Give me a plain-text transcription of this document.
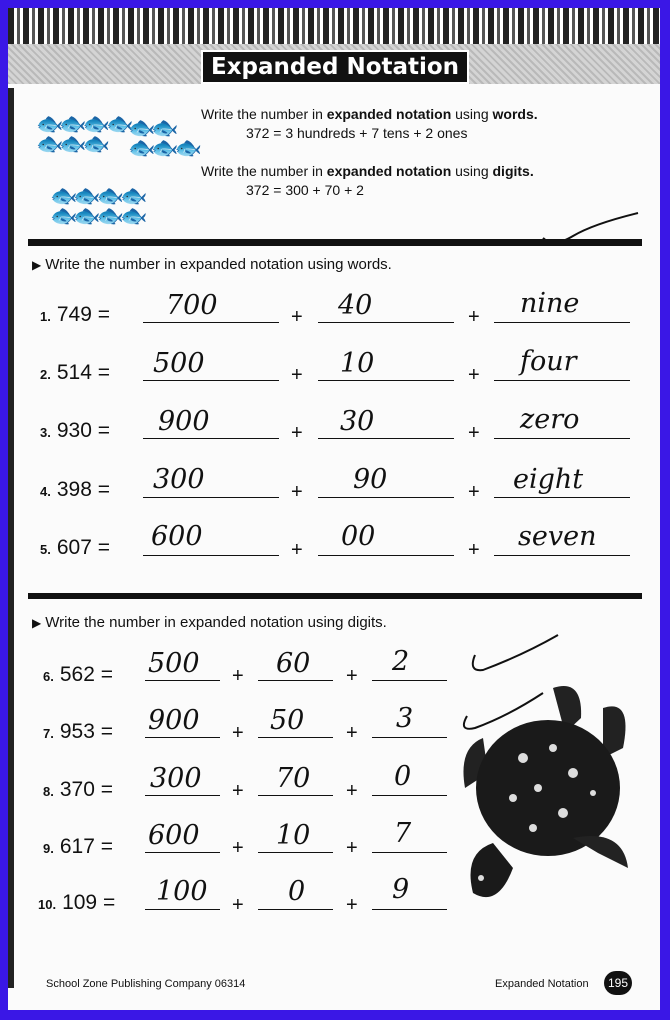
Expanded Notation
🐟🐟🐟🐟
🐟🐟🐟
🐟🐟
🐟🐟🐟
🐟🐟🐟🐟
🐟🐟🐟🐟
Write the number in expanded notation using words.
372 = 3 hundreds + 7 tens + 2 ones
Write the number in expanded notation using digits.
372 = 300 + 70 + 2
▶ Write the number in expanded notation using words.
1. 749 = 700	+ 40	+ nine
2. 514 = 500	+ 10	+ four
3. 930 = 900	+ 30	+ zero
4. 398 = 300	+ 90	+ eight
5. 607 = 600	+ 00	+ seven
▶ Write the number in expanded notation using digits.
6. 562 = 500 + 60 + 2
7. 953 = 900 + 50 + 3
8. 370 = 300 + 70 + 0
9. 617 = 600 + 10 + 7
10. 109 = 100 + 0 + 9
School Zone Publishing Company 06314	Expanded Notation	195
